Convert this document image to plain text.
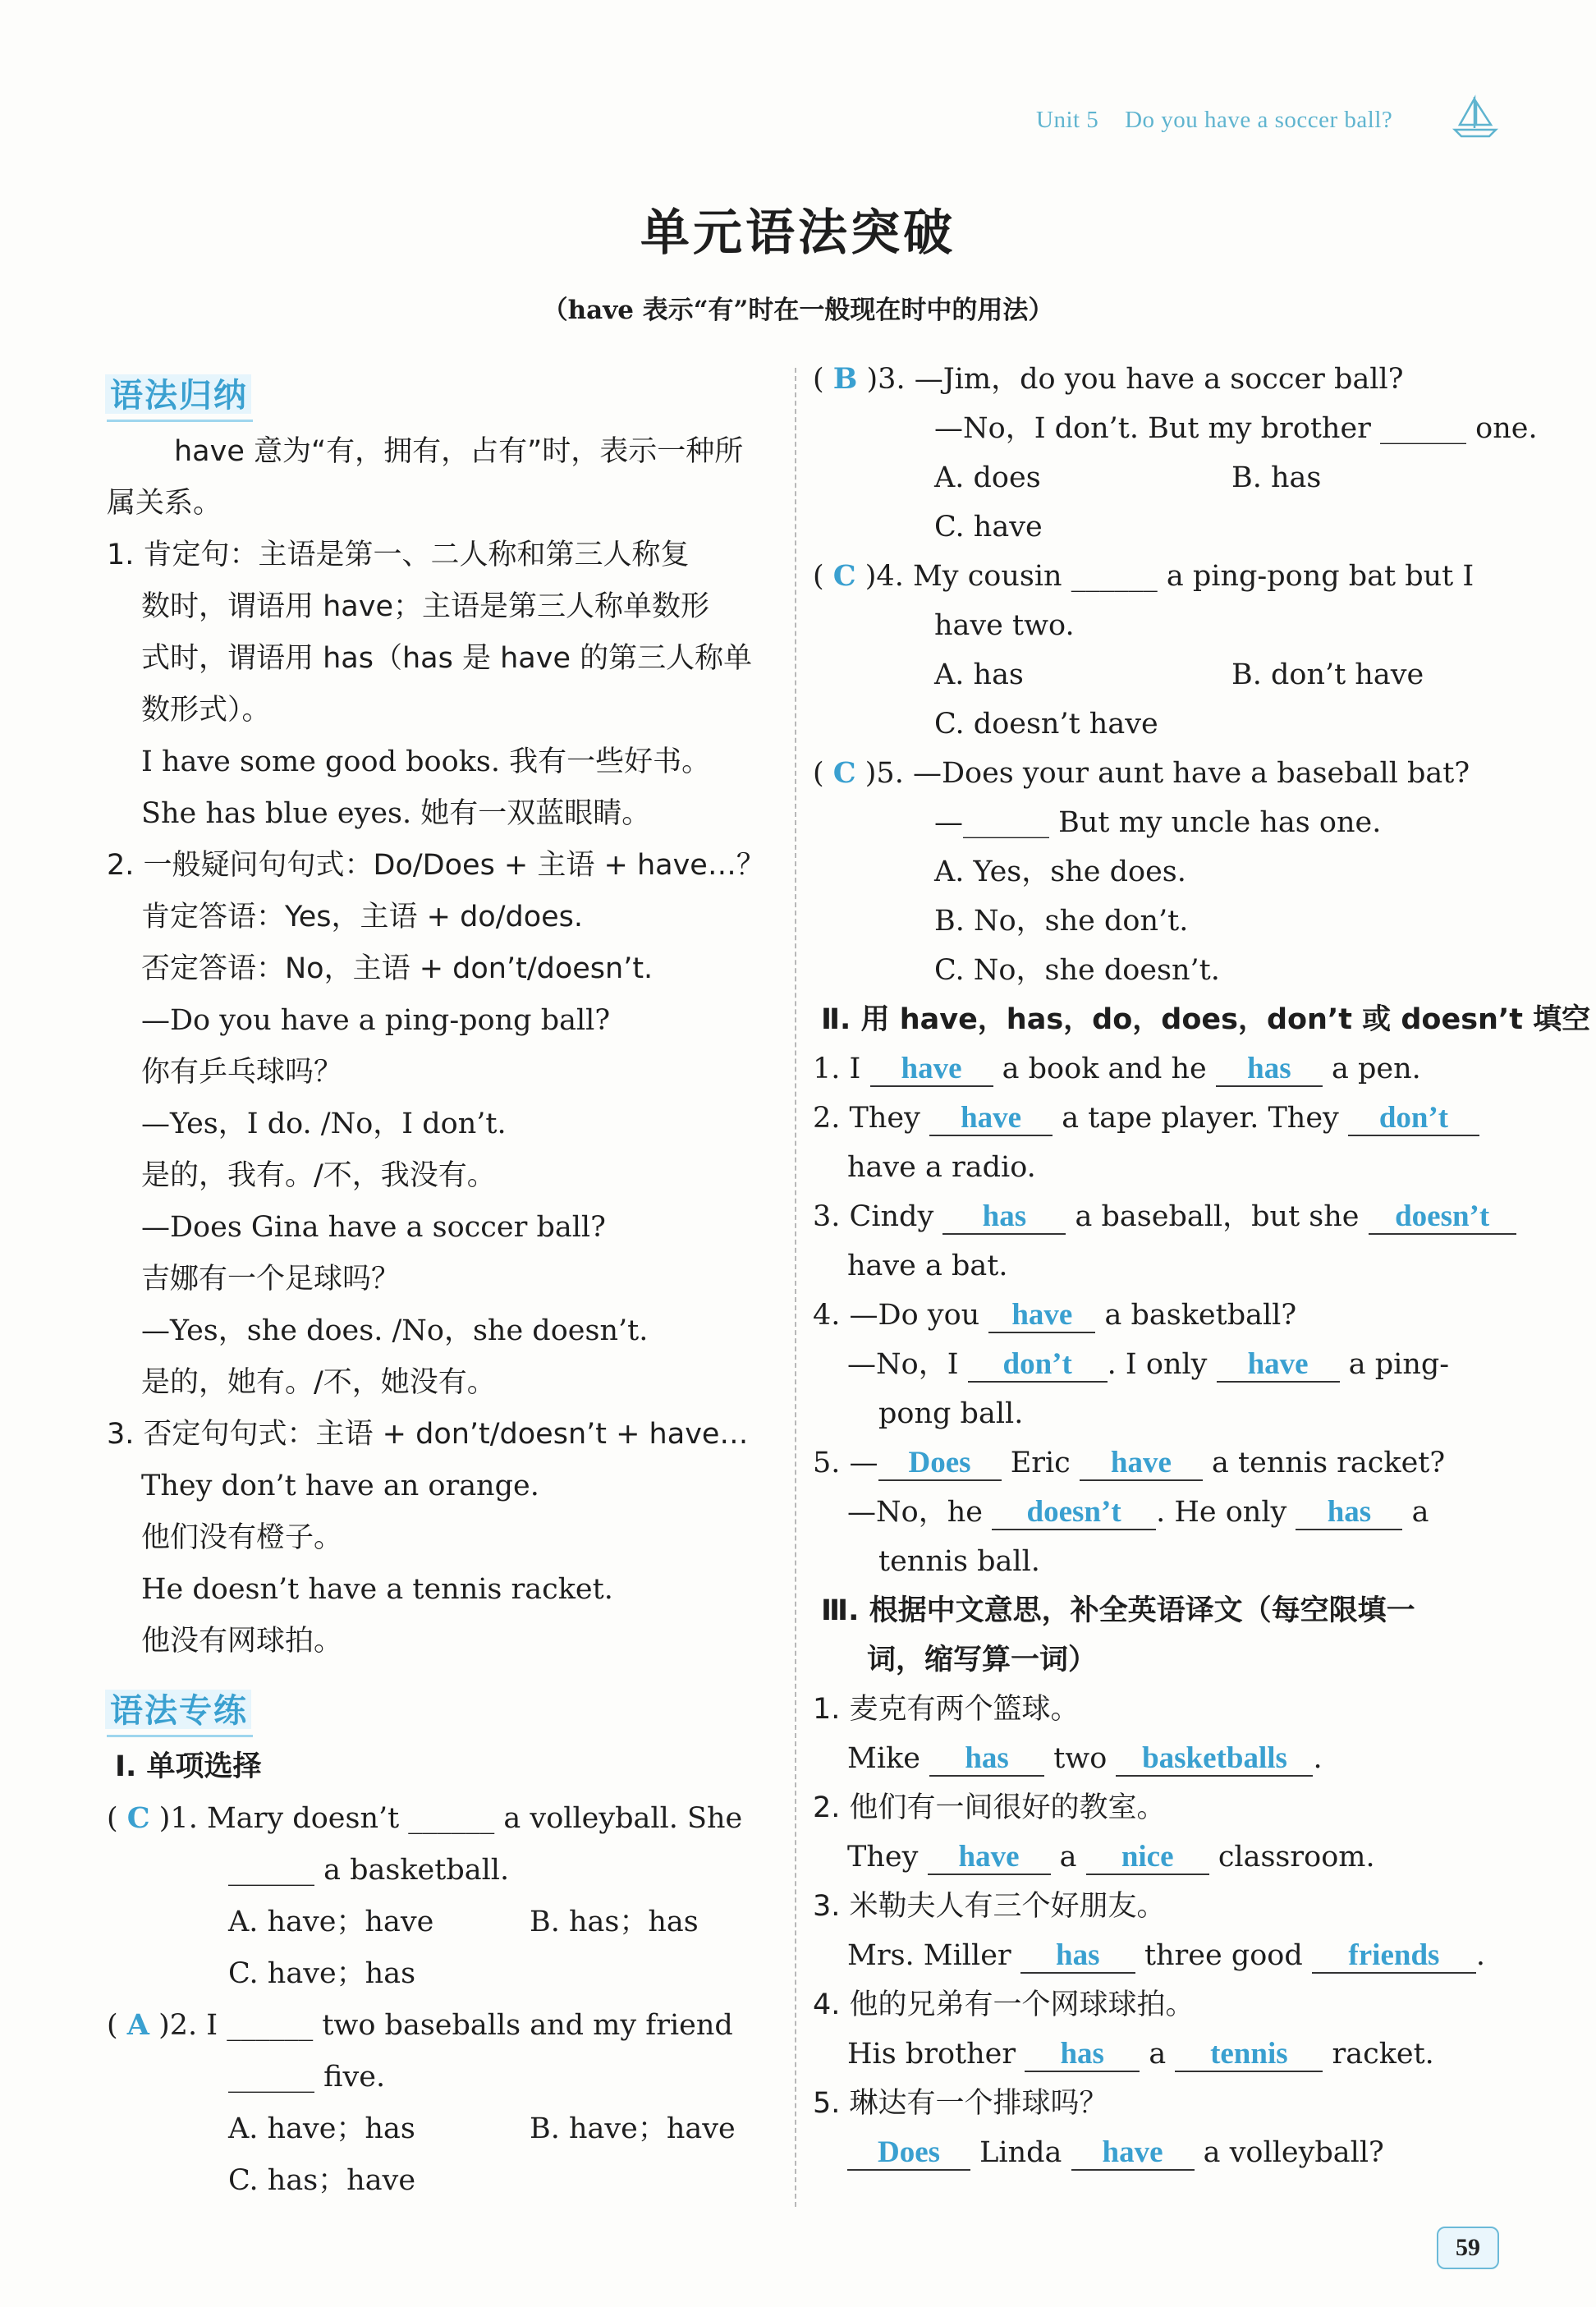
Unit 5 Do you have a soccer ball?
单元语法突破
（have 表示“有”时在一般现在时中的用法）
语法归纳
have 意为“有，拥有，占有”时，表示一种所
属关系。
1. 肯定句：主语是第一、二人称和第三人称复
数时，谓语用 have；主语是第三人称单数形
式时，谓语用 has（has 是 have 的第三人称单
数形式）。
I have some good books. 我有一些好书。
She has blue eyes. 她有一双蓝眼睛。
2. 一般疑问句句式：Do/Does + 主语 + have…？
肯定答语：Yes，主语 + do/does.
否定答语：No，主语 + don’t/doesn’t.
—Do you have a ping-pong ball?
你有乒乓球吗？
—Yes，I do. /No，I don’t.
是的，我有。/不，我没有。
—Does Gina have a soccer ball?
吉娜有一个足球吗？
—Yes，she does. /No，she doesn’t.
是的，她有。/不，她没有。
3. 否定句句式：主语 + don’t/doesn’t + have…
They don’t have an orange.
他们没有橙子。
He doesn’t have a tennis racket.
他没有网球拍。
语法专练
Ⅰ. 单项选择
( C )1. Mary doesn’t ______ a volleyball. She
______ a basketball.
A. have；have	B. has；has
C. have；has
( A )2. I ______ two baseballs and my friend
______ five.
A. have；has	B. have；have
C. has；have
( B )3. —Jim，do you have a soccer ball?
—No，I don’t. But my brother ______ one.
A. does	B. has
C. have
( C )4. My cousin ______ a ping-pong bat but I
have two.
A. has	B. don’t have
C. doesn’t have
( C )5. —Does your aunt have a baseball bat?
—______ But my uncle has one.
A. Yes，she does.
B. No，she don’t.
C. No，she doesn’t.
Ⅱ. 用 have，has，do，does，don’t 或 doesn’t 填空
1. I have a book and he has a pen.
2. They have a tape player. They don’t
have a radio.
3. Cindy has a baseball，but she doesn’t
have a bat.
4. —Do you have a basketball?
—No，I don’t . I only have a ping-
pong ball.
5. — Does Eric have a tennis racket?
—No，he doesn’t . He only has a
tennis ball.
Ⅲ. 根据中文意思，补全英语译文（每空限填一
词，缩写算一词）
1. 麦克有两个篮球。
Mike has two basketballs .
2. 他们有一间很好的教室。
They have a nice classroom.
3. 米勒夫人有三个好朋友。
Mrs. Miller has three good friends .
4. 他的兄弟有一个网球球拍。
His brother has a tennis racket.
5. 琳达有一个排球吗？
Does Linda have a volleyball?
59
